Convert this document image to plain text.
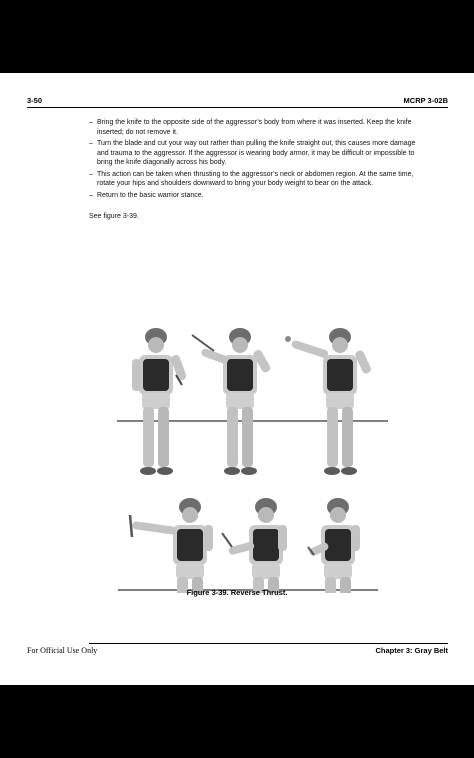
3-50	MCRP 3-02B
– Bring the knife to the opposite side of the aggressor’s body from where it was inserted. Keep the knife inserted; do not remove it.
– Turn the blade and cut your way out rather than pulling the knife straight out, this causes more damage and trauma to the aggressor. If the aggressor is wearing body armor, it may be difficult or impossible to bring the knife diagonally across his body.
– This action can be taken when thrusting to the aggressor’s neck or abdomen region. At the same time, rotate your hips and shoulders downward to bring your body weight to bear on the attack.
– Return to the basic warrior stance.
See figure 3-39.
Figure 3-39. Reverse Thrust.
For Official Use Only	Chapter 3: Gray Belt
